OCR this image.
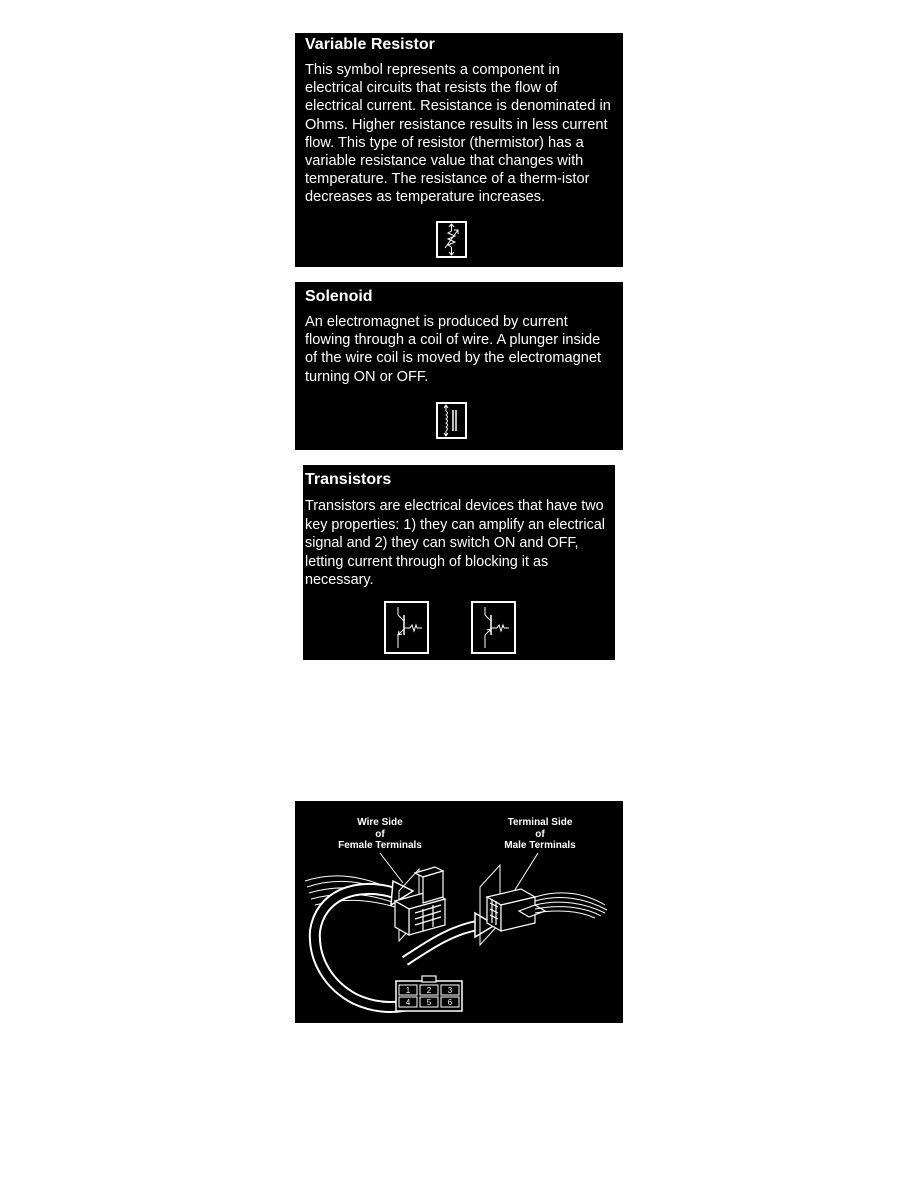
Variable Resistor

This symbol represents a component in electrical circuits that resists the flow of electrical current. Resistance is denominated in Ohms. Higher resistance results in less current flow. This type of resistor (thermistor) has a variable resistance value that changes with temperature. The resistance of a therm-istor decreases as temperature increases.

Solenoid

An electromagnet is produced by current flowing through a coil of wire. A plunger inside of the wire coil is moved by the electromagnet turning ON or OFF.

Transistors

Transistors are electrical devices that have two key properties: 1) they can amplify an electrical signal and 2) they can switch ON and OFF, letting current through of blocking it as necessary.

Wire Side
of
Female Terminals
Terminal Side
of
Male Terminals
1 2 3
4 5 6
